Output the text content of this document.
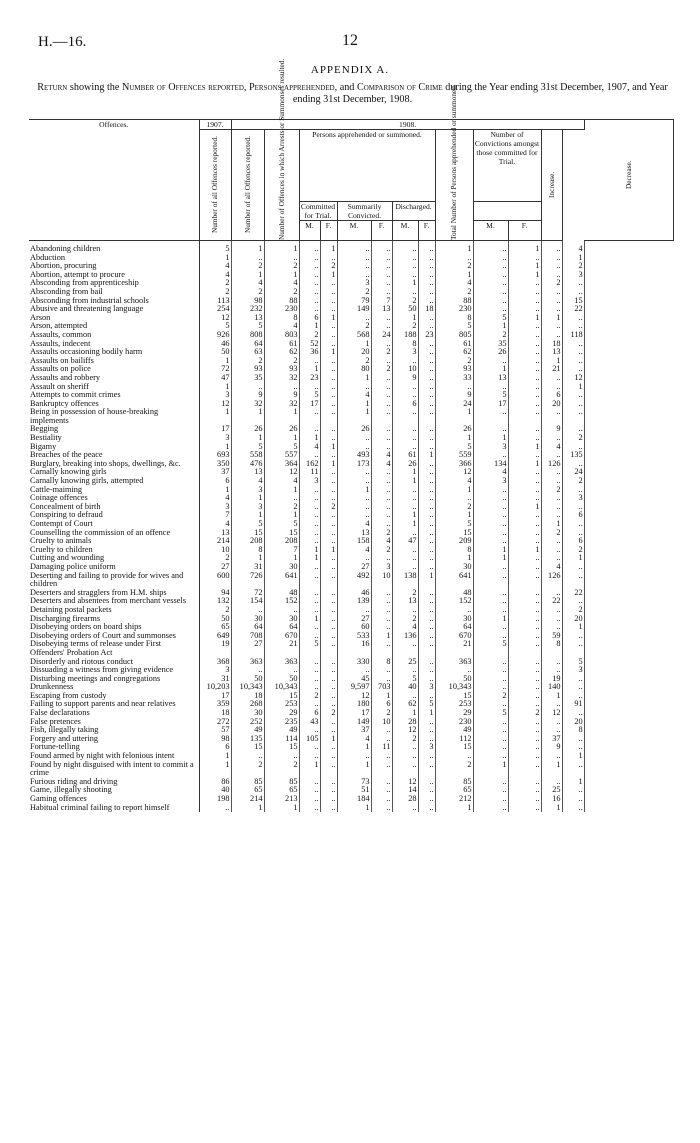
H.—16.	12
APPENDIX A.
Return showing the Number of Offences reported, Persons apprehended, and Comparison of Crime during the Year ending 31st December, 1907, and Year ending 31st December, 1908.
Offences.	1907.	1908.													Decrease.

	Number of all Offences reported.	Number of all Offences reported.	Number of Offences in which Arrests or Summonses resulted.	Persons apprehended or summoned.						Total Number of Persons apprehended or summoned.	Number of Convictions amongst those committed for Trial.		Increase.		

				Committed for Trial.		Summarily Convicted.		Discharged.							
				M.	F.	M.	F.	M.	F.		M.	F.			

Abandoning children	5	1	1	..	1	..	..	..	..	1	..	1	..	4	
Abduction	1	..	..	..	..	..	..	..	..	..	..	..	..	1	
Abortion, procuring	4	2	2	..	2	..	..	..	..	2	..	1	..	2	
Abortion, attempt to procure	4	1	1	..	1	..	..	..	..	1	..	1	..	3	
Absconding from apprenticeship	2	4	4	..	..	3	..	1	..	4	..	..	2	..	
Absconding from bail	2	2	2	..	..	2	..	..	..	2	..	..	..	..	
Absconding from industrial schools	113	98	88	..	..	79	7	2	..	88	..	..	..	15	
Abusive and threatening language	254	232	230	..	..	149	13	50	18	230	..	..	..	22	
Arson	12	13	8	6	1	..	..	1	..	8	5	1	1	..	
Arson, attempted	5	5	4	1	..	2	..	2	..	5	1	..	..	..	
Assaults, common	926	808	803	2	..	568	24	188	23	805	2	..	..	118	
Assaults, indecent	46	64	61	52	..	1	..	8	..	61	35	..	18	..	
Assaults occasioning bodily harm	50	63	62	36	1	20	2	3	..	62	26	..	13	..	
Assaults on bailiffs	1	2	2	..	..	2	..	..	..	2	..	..	1	..	
Assaults on police	72	93	93	1	..	80	2	10	..	93	1	..	21	..	
Assaults and robbery	47	35	32	23	..	1	..	9	..	33	13	..	..	12	
Assault on sheriff	1	..	..	..	..	..	..	..	..	..	..	..	..	1	
Attempts to commit crimes	3	9	9	5	..	4	..	..	..	9	5	..	6	..	
Bankruptcy offences	12	32	32	17	..	1	..	6	..	24	17	..	20	..	
Being in possession of house-breaking implements	1	1	1	..	..	1	..	..	..	1	..	..	..	..	
Begging	17	26	26	..	..	26	..	..	..	26	..	..	9	..	
Bestiality	3	1	1	1	..	..	..	..	..	1	1	..	..	2	
Bigamy	1	5	5	4	1	..	..	..	..	5	3	1	4	..	
Breaches of the peace	693	558	557	..	..	493	4	61	1	559	..	..	..	135	
Burglary, breaking into shops, dwellings, &c.	350	476	364	162	1	173	4	26	..	366	134	1	126	..	
Carnally knowing girls	37	13	12	11	..	..	..	1	..	12	4	..	..	24	
Carnally knowing girls, attempted	6	4	4	3	..	..	..	1	..	4	3	..	..	2	
Cattle-maiming	1	3	1	..	..	1	..	..	..	1	..	..	2	..	
Coinage offences	4	1	..	..	..	..	..	..	..	..	..	..	..	3	
Concealment of birth	3	3	2	..	2	..	..	..	..	2	..	1	..	..	
Conspiring to defraud	7	1	1	..	..	..	..	1	..	1	..	..	..	6	
Contempt of Court	4	5	5	..	..	4	..	1	..	5	..	..	1	..	
Counselling the commission of an offence	13	15	15	..	..	13	2	..	..	15	..	..	2	..	
Cruelty to animals	214	208	208	..	..	158	4	47	..	209	..	..	..	6	
Cruelty to children	10	8	7	1	1	4	2	..	..	8	1	1	..	2	
Cutting and wounding	2	1	1	1	..	..	..	..	..	1	1	..	..	1	
Damaging police uniform	27	31	30	..	..	27	3	..	..	30	..	..	4	..	
Deserting and failing to provide for wives and children	600	726	641	..	..	492	10	138	1	641	..	..	126	..	
Deserters and stragglers from H.M. ships	94	72	48	..	..	46	..	2	..	48	..	..	..	22	
Deserters and absentees from merchant vessels	132	154	152	..	..	139	..	13	..	152	..	..	22	..	
Detaining postal packets	2	..	..	..	..	..	..	..	..	..	..	..	..	2	
Discharging firearms	50	30	30	1	..	27	..	2	..	30	1	..	..	20	
Disobeying orders on board ships	65	64	64	..	..	60	..	4	..	64	..	..	..	1	
Disobeying orders of Court and summonses	649	708	670	..	..	533	1	136	..	670	..	..	59	..	
Disobeying terms of release under First Offenders' Probation Act	19	27	21	5	..	16	..	..	..	21	5	..	8	..	
Disorderly and riotous conduct	368	363	363	..	..	330	8	25	..	363	..	..	..	5	
Dissuading a witness from giving evidence	3	..	..	..	..	..	..	..	..	..	..	..	..	3	
Disturbing meetings and congregations	31	50	50	..	..	45	..	5	..	50	..	..	19	..	
Drunkenness	10,203	10,343	10,343	..	..	9,597	703	40	3	10,343	..	..	140	..	
Escaping from custody	17	18	15	2	..	12	1	..	..	15	2	..	1	..	
Failing to support parents and near relatives	359	268	253	..	..	180	6	62	5	253	..	..	..	91	
False declarations	18	30	29	6	2	17	2	1	1	29	5	2	12	..	
False pretences	272	252	235	43	..	149	10	28	..	230	..	..	..	20	
Fish, illegally taking	57	49	49	..	..	37	..	12	..	49	..	..	..	8	
Forgery and uttering	98	135	114	105	1	4	..	2	..	112	..	..	37	..	
Fortune-telling	6	15	15	..	..	1	11	..	3	15	..	..	9	..	
Found armed by night with felonious intent	1	..	..	..	..	..	..	..	..	..	..	..	..	1	
Found by night disguised with intent to commit a crime	1	2	2	1	..	1	..	..	..	2	1	..	1	..	
Furious riding and driving	86	85	85	..	..	73	..	12	..	85	..	..	..	1	
Game, illegally shooting	40	65	65	..	..	51	..	14	..	65	..	..	25	..	
Gaming offences	198	214	213	..	..	184	..	28	..	212	..	..	16	..	
Habitual criminal failing to report himself	..	1	1	..	..	1	..	..	..	1	..	..	1	..	
